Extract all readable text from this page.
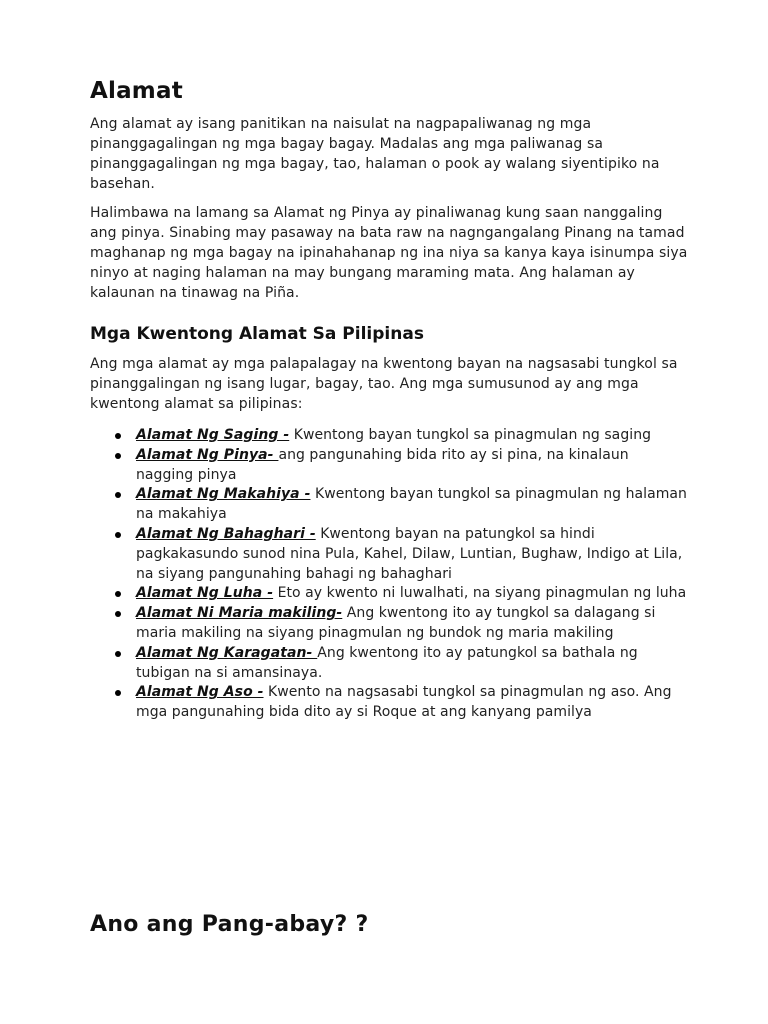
Alamat

Ang alamat ay isang panitikan na naisulat na nagpapaliwanag ng mga pinanggagalingan ng mga bagay bagay. Madalas ang mga paliwanag sa pinanggagalingan ng mga bagay, tao, halaman o pook ay walang siyentipiko na basehan.

Halimbawa na lamang sa Alamat ng Pinya ay pinaliwanag kung saan nanggaling ang pinya. Sinabing may pasaway na bata raw na nagngangalang Pinang na tamad maghanap ng mga bagay na ipinahahanap ng ina niya sa kanya kaya isinumpa siya ninyo at naging halaman na may bungang maraming mata. Ang halaman ay kalaunan na tinawag na Piña.

Mga Kwentong Alamat Sa Pilipinas

Ang mga alamat ay mga palapalagay na kwentong bayan na nagsasabi tungkol sa pinanggalingan ng isang lugar, bagay, tao. Ang mga sumusunod ay ang mga kwentong alamat sa pilipinas:

Alamat Ng Saging - Kwentong bayan tungkol sa pinagmulan ng saging
Alamat Ng Pinya- ang pangunahing bida rito ay si pina, na kinalaun nagging pinya
Alamat Ng Makahiya - Kwentong bayan tungkol sa pinagmulan ng halaman na makahiya
Alamat Ng Bahaghari - Kwentong bayan na patungkol sa hindi pagkakasundo sunod nina Pula, Kahel, Dilaw, Luntian, Bughaw, Indigo at Lila, na siyang pangunahing bahagi ng bahaghari
Alamat Ng Luha - Eto ay kwento ni luwalhati, na siyang pinagmulan ng luha
Alamat Ni Maria makiling- Ang kwentong ito ay tungkol sa dalagang si maria makiling na siyang pinagmulan ng bundok ng maria makiling
Alamat Ng Karagatan- Ang kwentong ito ay patungkol sa bathala ng tubigan na si amansinaya.
Alamat Ng Aso - Kwento na nagsasabi tungkol sa pinagmulan ng aso. Ang mga pangunahing bida dito ay si Roque at ang kanyang pamilya
Ano ang Pang-abay? ?
